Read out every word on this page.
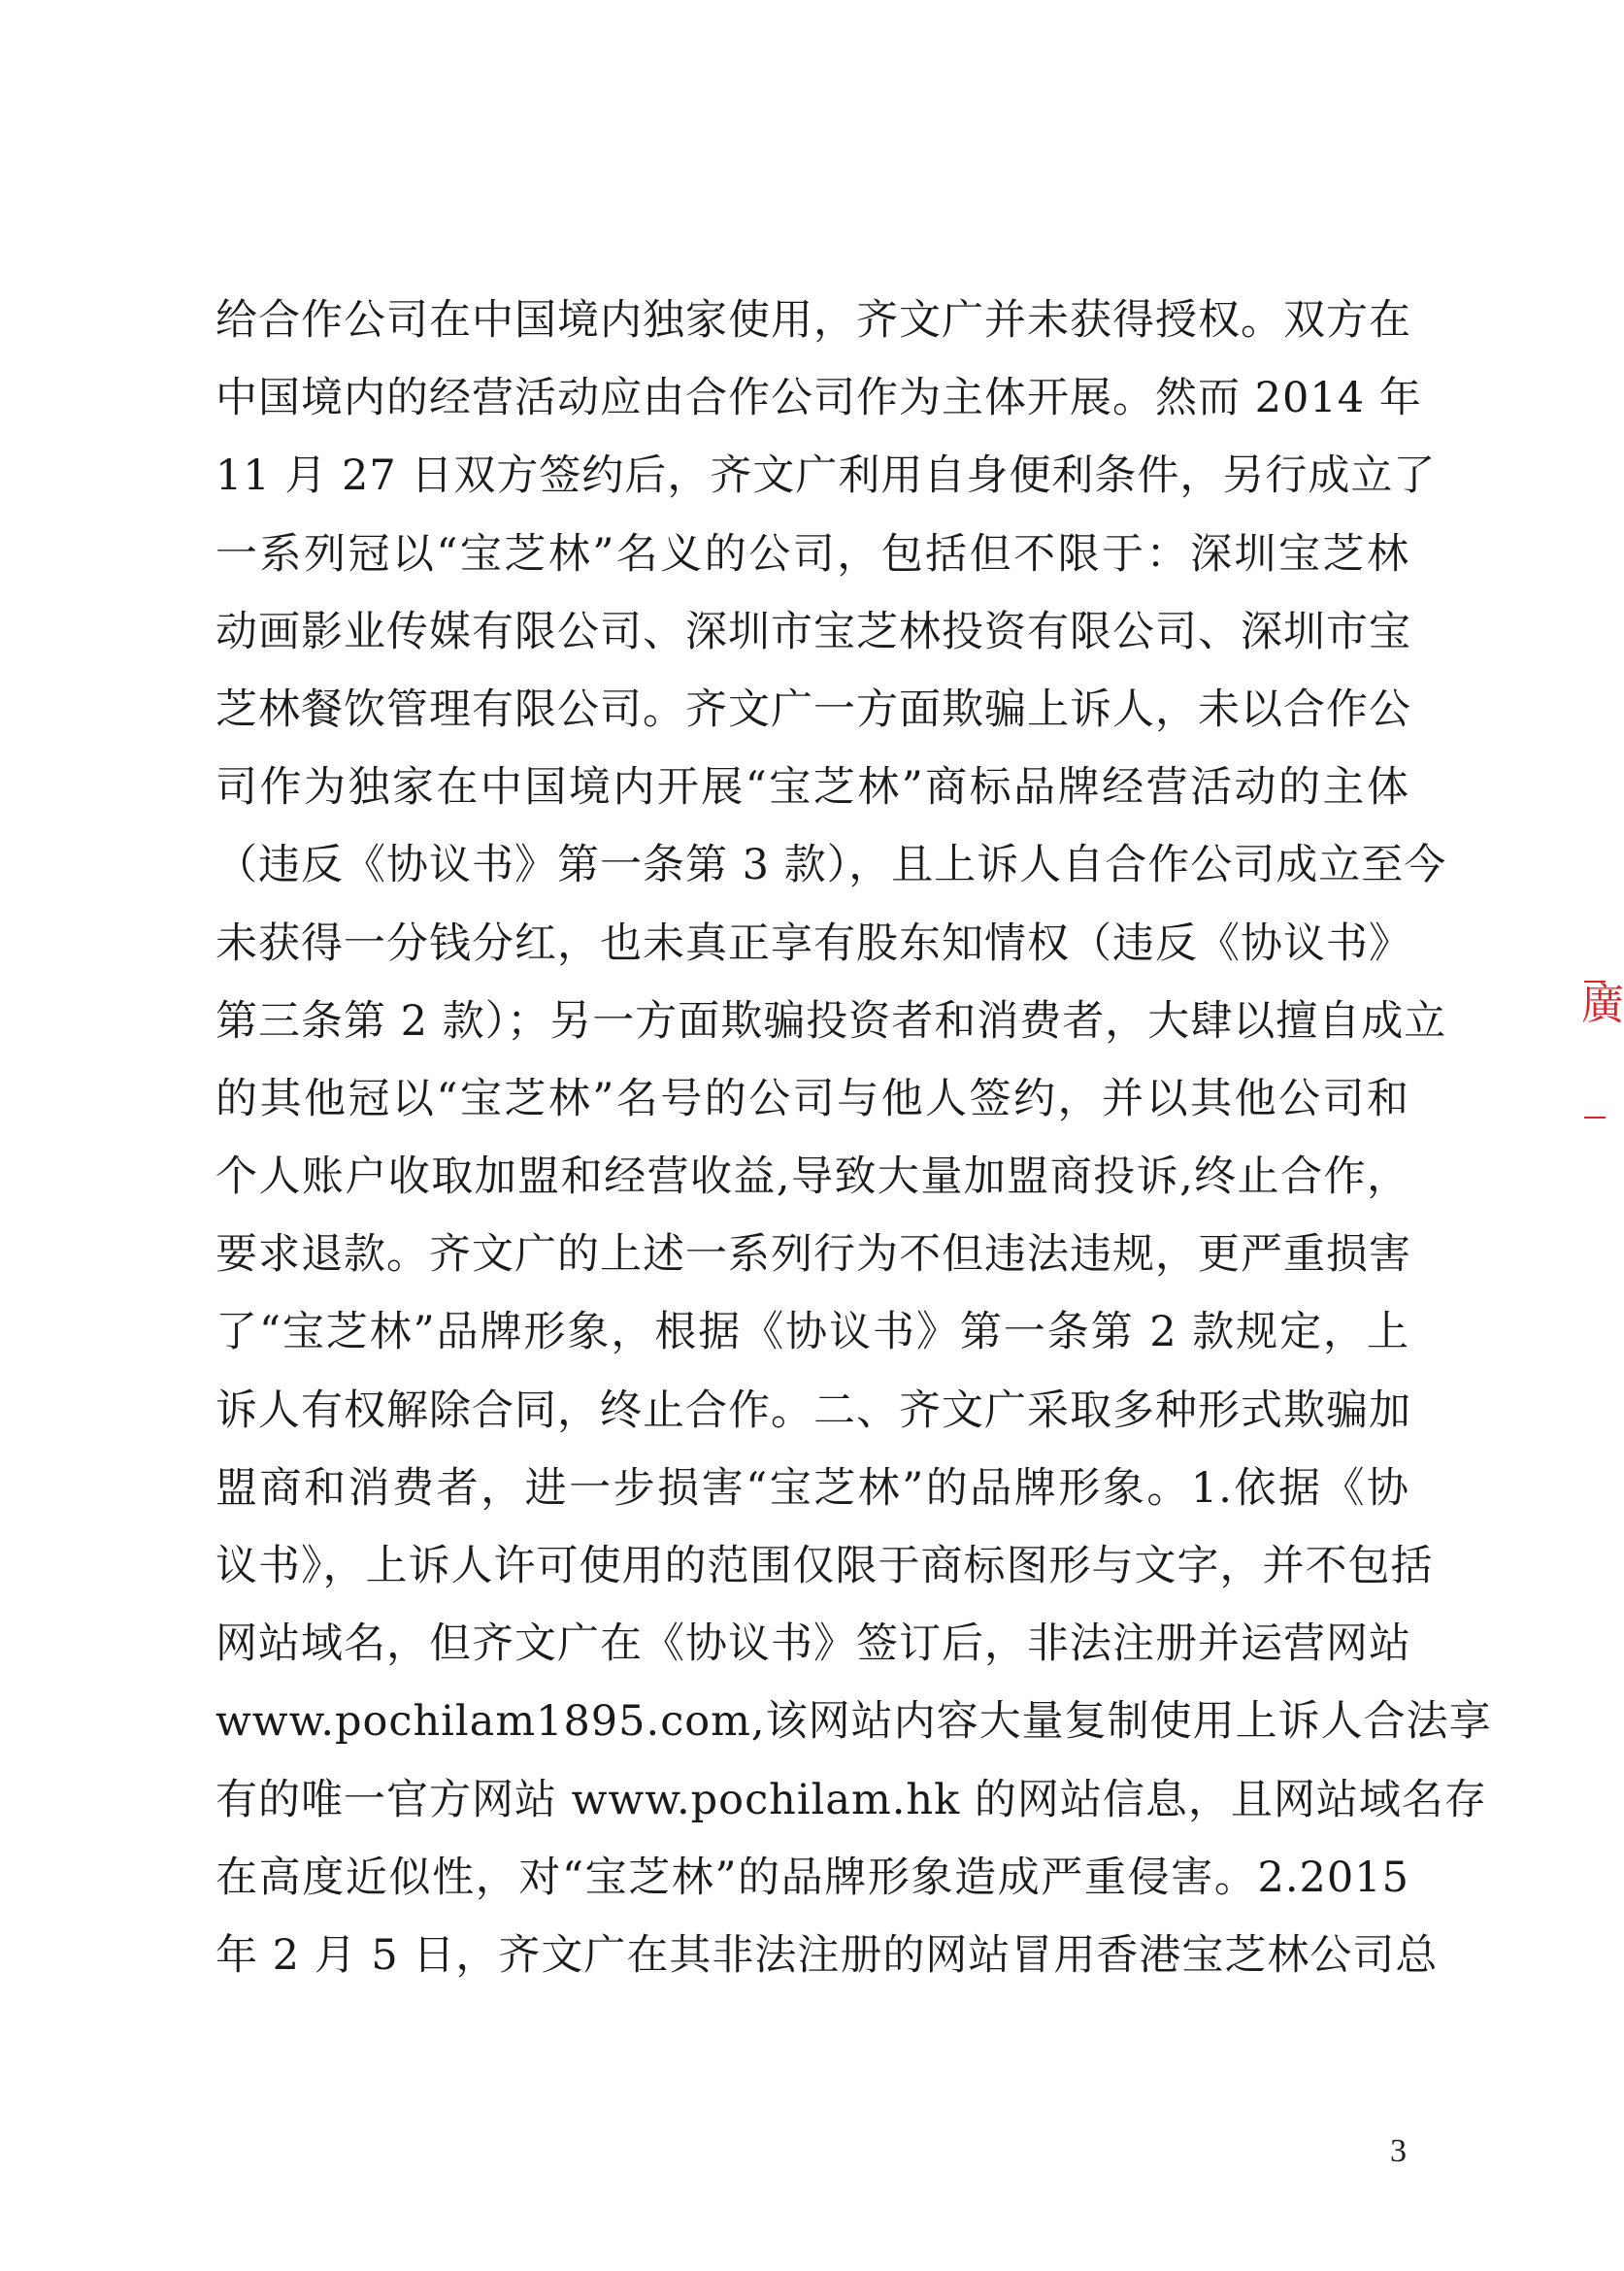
给合作公司在中国境内独家使用，齐文广并未获得授权。双方在
中国境内的经营活动应由合作公司作为主体开展。然而 2014 年
11 月 27 日双方签约后，齐文广利用自身便利条件，另行成立了
一系列冠以“宝芝林”名义的公司，包括但不限于：深圳宝芝林
动画影业传媒有限公司、深圳市宝芝林投资有限公司、深圳市宝
芝林餐饮管理有限公司。齐文广一方面欺骗上诉人，未以合作公
司作为独家在中国境内开展“宝芝林”商标品牌经营活动的主体
（违反《协议书》第一条第 3 款），且上诉人自合作公司成立至今
未获得一分钱分红，也未真正享有股东知情权（违反《协议书》
第三条第 2 款）；另一方面欺骗投资者和消费者，大肆以擅自成立
的其他冠以“宝芝林”名号的公司与他人签约，并以其他公司和
个人账户收取加盟和经营收益,导致大量加盟商投诉,终止合作，
要求退款。齐文广的上述一系列行为不但违法违规，更严重损害
了“宝芝林”品牌形象，根据《协议书》第一条第 2 款规定，上
诉人有权解除合同，终止合作。二、齐文广采取多种形式欺骗加
盟商和消费者，进一步损害“宝芝林”的品牌形象。1.依据《协
议书》，上诉人许可使用的范围仅限于商标图形与文字，并不包括
网站域名，但齐文广在《协议书》签订后，非法注册并运营网站
www.pochilam1895.com,该网站内容大量复制使用上诉人合法享
有的唯一官方网站 www.pochilam.hk 的网站信息，且网站域名存
在高度近似性，对“宝芝林”的品牌形象造成严重侵害。2.2015
年 2 月 5 日，齐文广在其非法注册的网站冒用香港宝芝林公司总
廣
3
